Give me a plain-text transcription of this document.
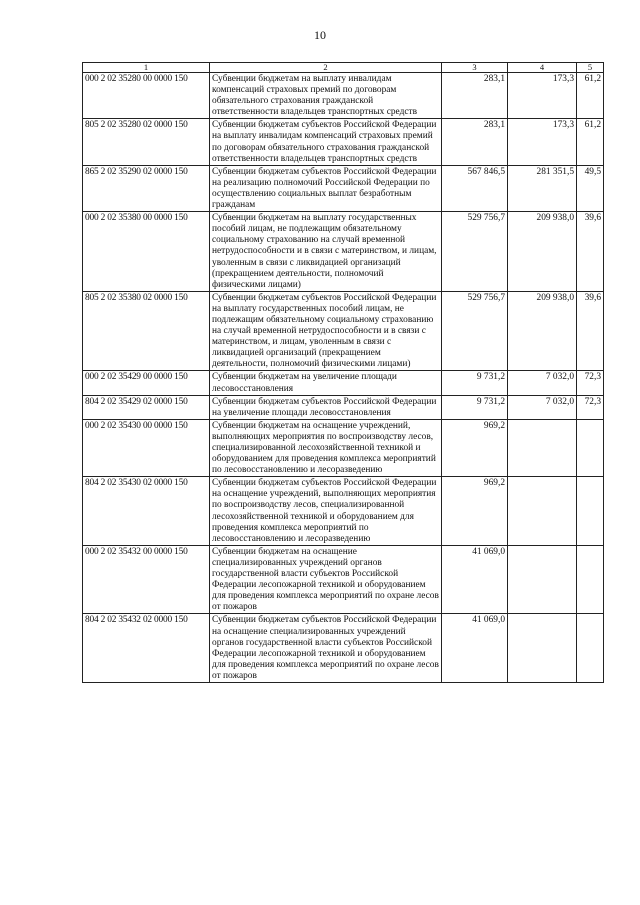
10
1	2	3	4	5
000 2 02 35280 00 0000 150	Субвенции бюджетам на выплату инвалидам компенсаций страховых премий по договорам обязательного страхования гражданской ответственности владельцев транспортных средств	283,1	173,3	61,2
805 2 02 35280 02 0000 150	Субвенции бюджетам субъектов Российской Федерации на выплату инвалидам компенсаций страховых премий по договорам обязательного страхования гражданской ответственности владельцев транспортных средств	283,1	173,3	61,2
865 2 02 35290 02 0000 150	Субвенции бюджетам субъектов Российской Федерации на реализацию полномочий Российской Федерации по осуществлению социальных выплат безработным гражданам	567 846,5	281 351,5	49,5
000 2 02 35380 00 0000 150	Субвенции бюджетам на выплату государственных пособий лицам, не подлежащим обязательному социальному страхованию на случай временной нетрудоспособности и в связи с материнством, и лицам, уволенным в связи с ликвидацией организаций (прекращением деятельности, полномочий физическими лицами)	529 756,7	209 938,0	39,6
805 2 02 35380 02 0000 150	Субвенции бюджетам субъектов Российской Федерации на выплату государственных пособий лицам, не подлежащим обязательному социальному страхованию на случай временной нетрудоспособности и в связи с материнством, и лицам, уволенным в связи с ликвидацией организаций (прекращением деятельности, полномочий физическими лицами)	529 756,7	209 938,0	39,6
000 2 02 35429 00 0000 150	Субвенции бюджетам на увеличение площади лесовосстановления	9 731,2	7 032,0	72,3
804 2 02 35429 02 0000 150	Субвенции бюджетам субъектов Российской Федерации на увеличение площади лесовосстановления	9 731,2	7 032,0	72,3
000 2 02 35430 00 0000 150	Субвенции бюджетам на оснащение учреждений, выполняющих мероприятия по воспроизводству лесов, специализированной лесохозяйственной техникой и оборудованием для проведения комплекса мероприятий по лесовосстановлению и лесоразведению	969,2		
804 2 02 35430 02 0000 150	Субвенции бюджетам субъектов Российской Федерации на оснащение учреждений, выполняющих мероприятия по воспроизводству лесов, специализированной лесохозяйственной техникой и оборудованием для проведения комплекса мероприятий по лесовосстановлению и лесоразведению	969,2		
000 2 02 35432 00 0000 150	Субвенции бюджетам на оснащение специализированных учреждений органов государственной власти субъектов Российской Федерации лесопожарной техникой и оборудованием для проведения комплекса мероприятий по охране лесов от пожаров	41 069,0		
804 2 02 35432 02 0000 150	Субвенции бюджетам субъектов Российской Федерации на оснащение специализированных учреждений органов государственной власти субъектов Российской Федерации лесопожарной техникой и оборудованием для проведения комплекса мероприятий по охране лесов от пожаров	41 069,0		
